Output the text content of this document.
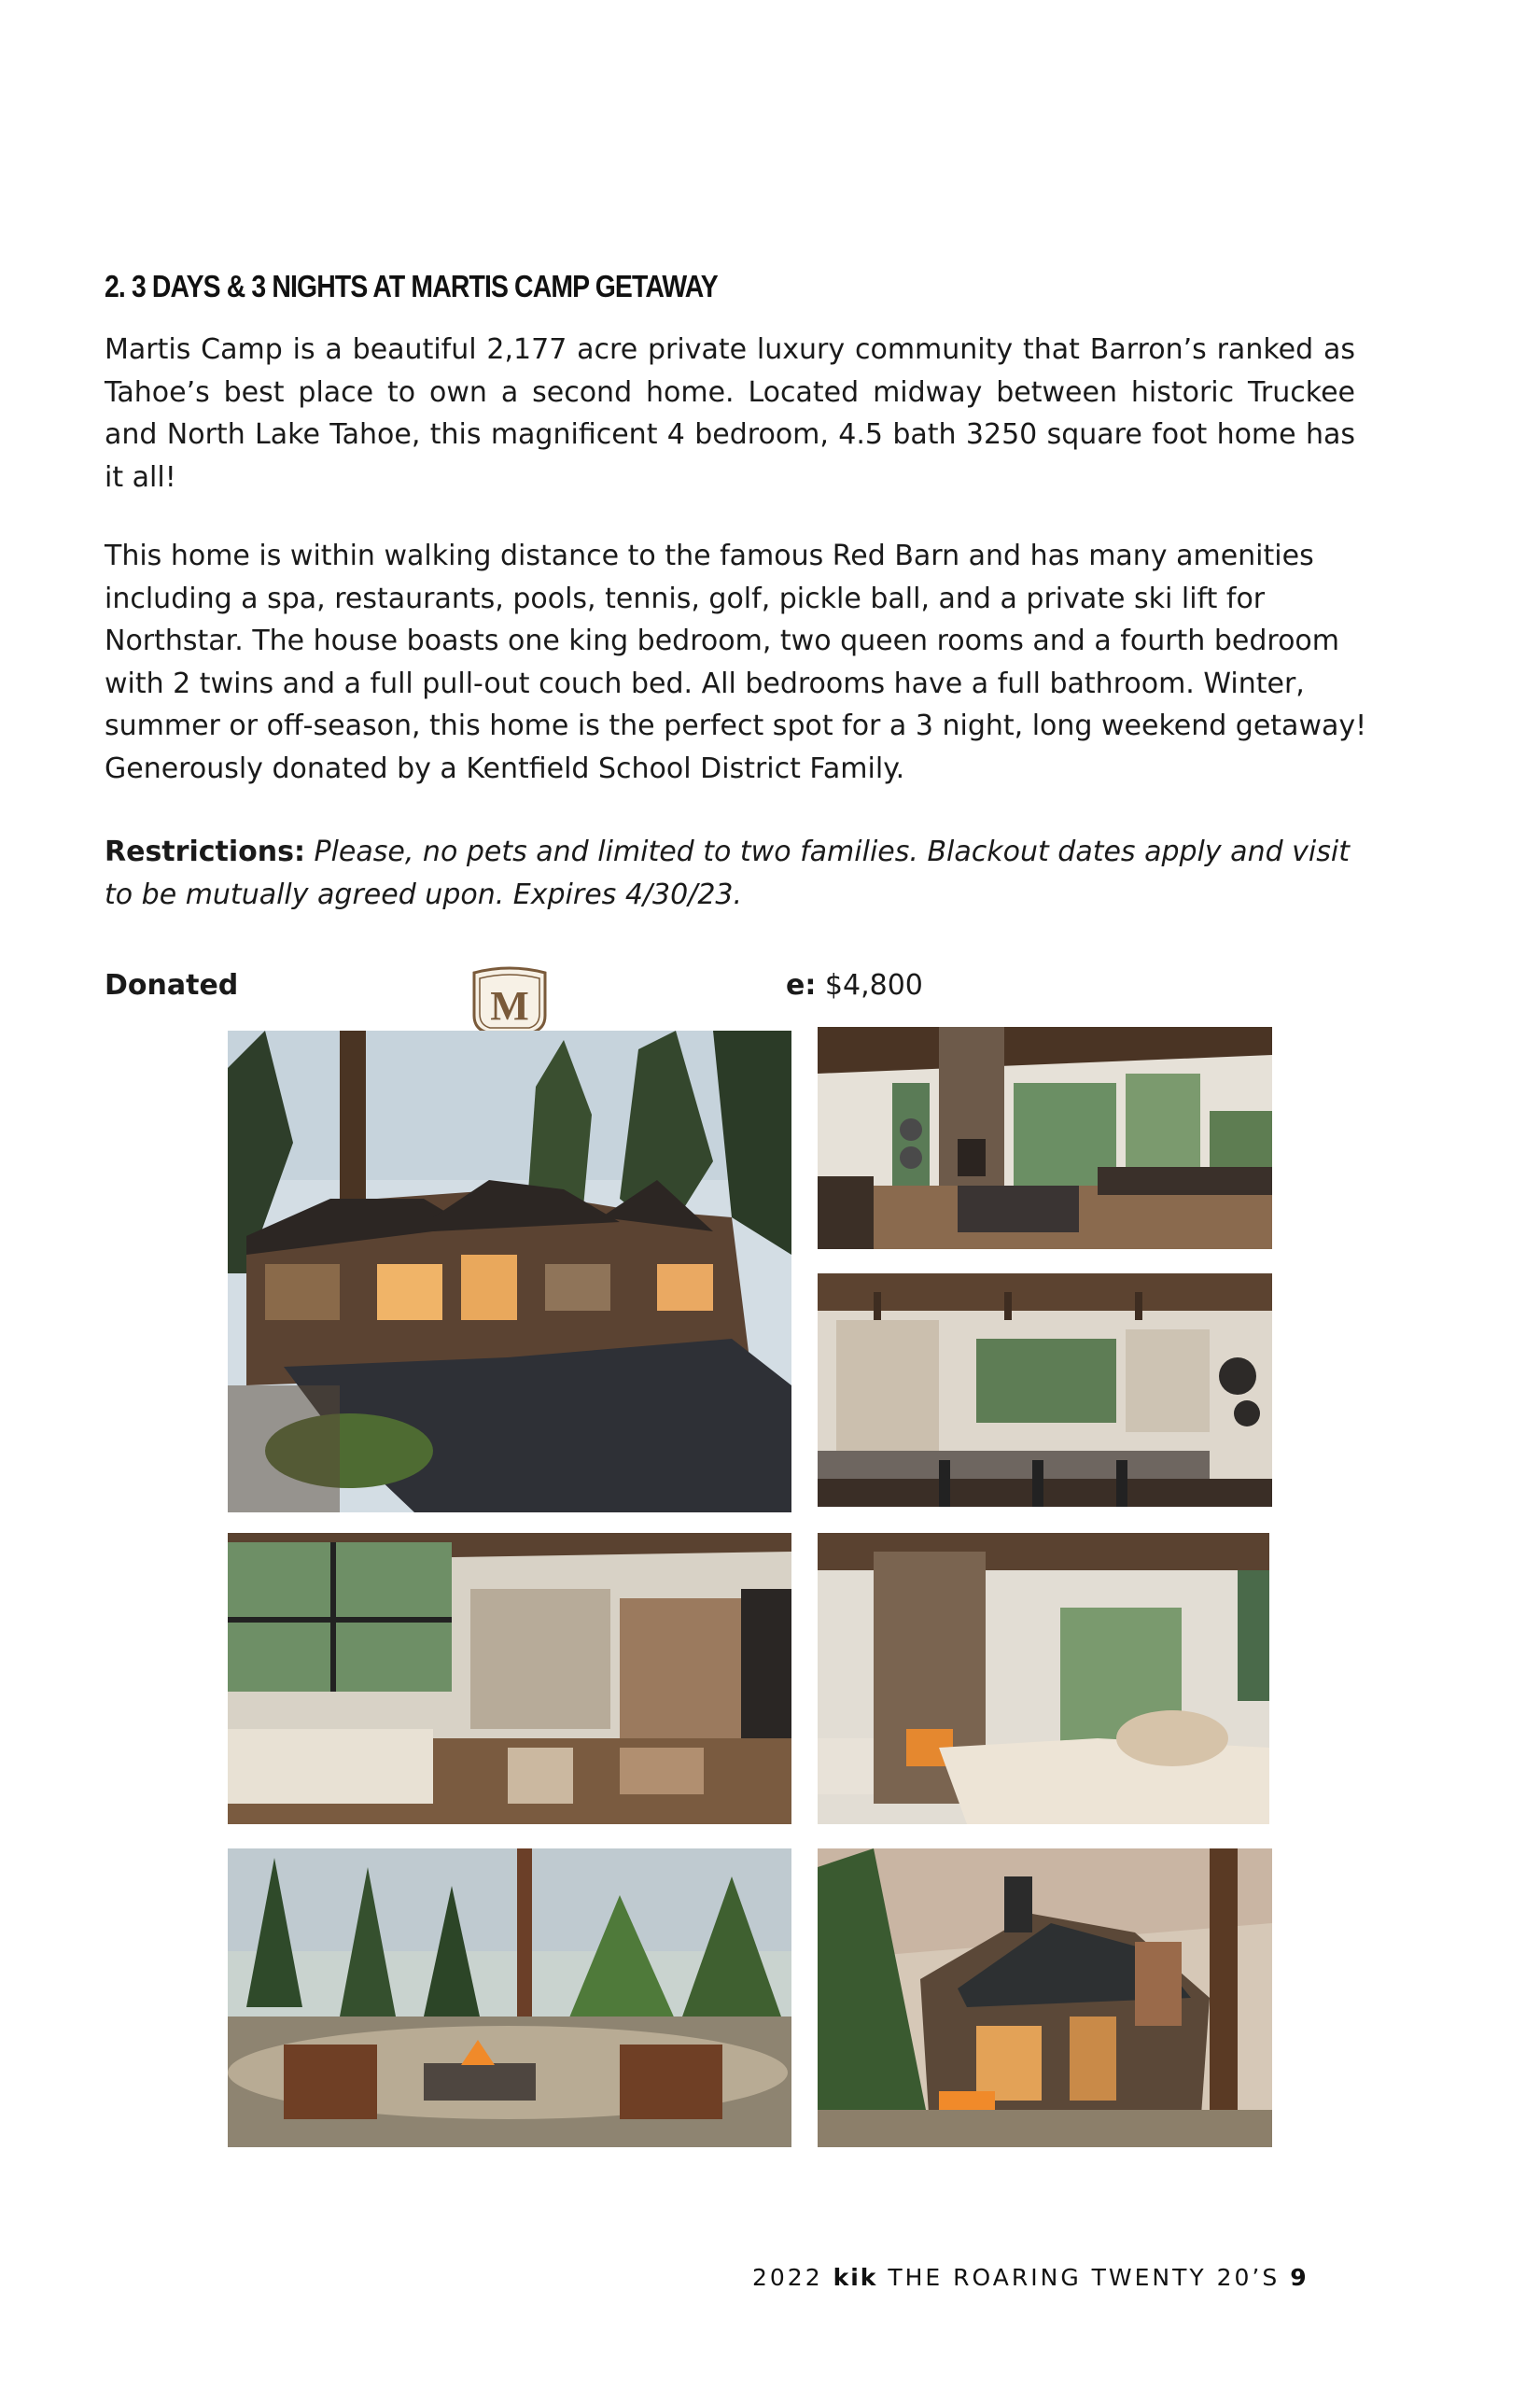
2. 3 DAYS & 3 NIGHTS AT MARTIS CAMP GETAWAY

Martis Camp is a beautiful 2,177 acre private luxury community that Barron’s ranked as Tahoe’s best place to own a second home. Located midway between historic Truckee and North Lake Tahoe, this magnificent 4 bedroom, 4.5 bath 3250 square foot home has it all!

This home is within walking distance to the famous Red Barn and has many amenities including a spa, restaurants, pools, tennis, golf, pickle ball, and a private ski lift for Northstar. The house boasts one king bedroom, two queen rooms and a fourth bedroom with 2 twins and a full pull-out couch bed. All bedrooms have a full bathroom. Winter, summer or off-season, this home is the perfect spot for a 3 night, long weekend getaway! Generously donated by a Kentfield School District Family.

Restrictions: Please, no pets and limited to two families. Blackout dates apply and visit to be mutually agreed upon. Expires 4/30/23.

Donated	e: $4,800

M

2022 kik THE ROARING TWENTY 20’S 9
